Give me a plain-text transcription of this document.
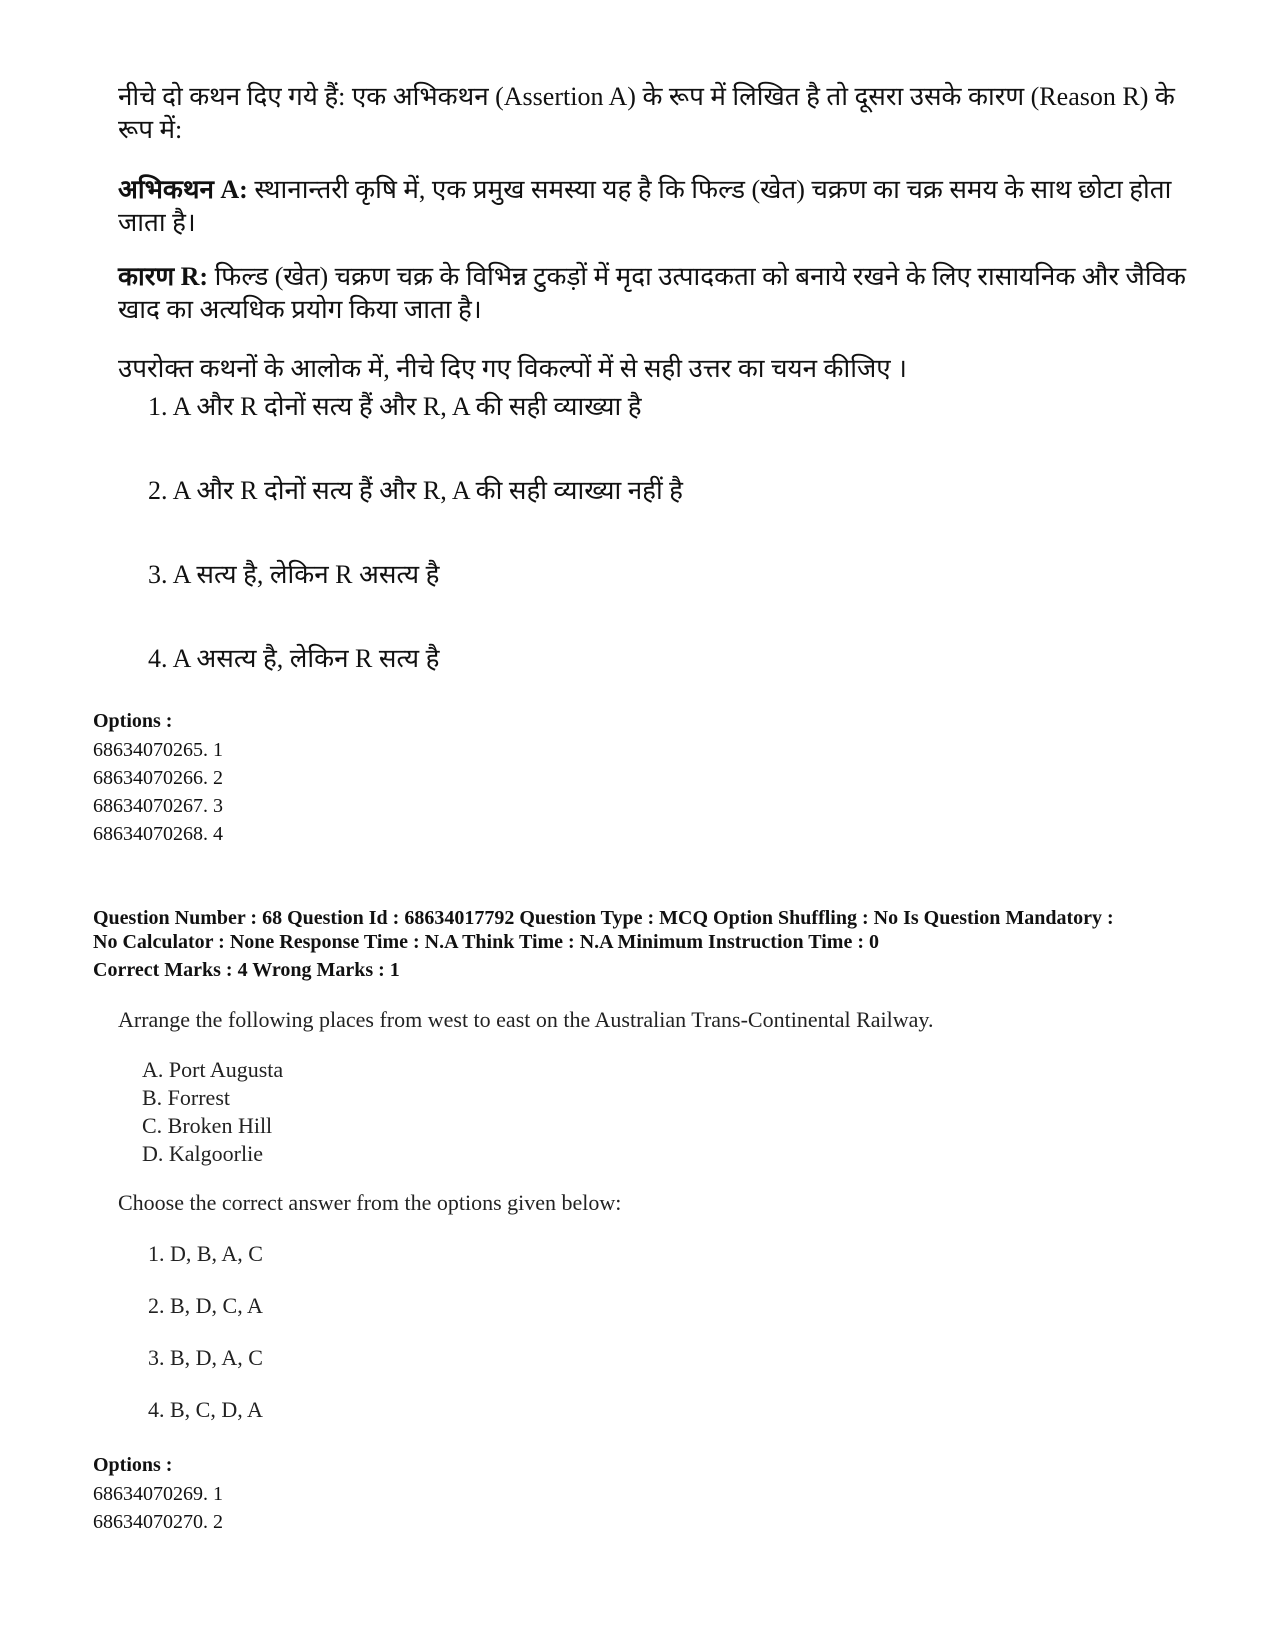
नीचे दो कथन दिए गये हैं: एक अभिकथन (Assertion A) के रूप में लिखित है तो दूसरा उसके कारण (Reason R) के रूप में:

अभिकथन A: स्थानान्तरी कृषि में, एक प्रमुख समस्या यह है कि फिल्ड (खेत) चक्रण का चक्र समय के साथ छोटा होता जाता है।

कारण R: फिल्ड (खेत) चक्रण चक्र के विभिन्न टुकड़ों में मृदा उत्पादकता को बनाये रखने के लिए रासायनिक और जैविक खाद का अत्यधिक प्रयोग किया जाता है।

उपरोक्त कथनों के आलोक में, नीचे दिए गए विकल्पों में से सही उत्तर का चयन कीजिए ।

1. A और R दोनों सत्य हैं और R, A की सही व्याख्या है
2. A और R दोनों सत्य हैं और R, A की सही व्याख्या नहीं है
3. A सत्य है, लेकिन R असत्य है
4. A असत्य है, लेकिन R सत्य है
Options :
68634070265. 1
68634070266. 2
68634070267. 3
68634070268. 4
Question Number : 68 Question Id : 68634017792 Question Type : MCQ Option Shuffling : No Is Question Mandatory :
No Calculator : None Response Time : N.A Think Time : N.A Minimum Instruction Time : 0
Correct Marks : 4 Wrong Marks : 1
Arrange the following places from west to east on the Australian Trans-Continental Railway.
A. Port Augusta
B. Forrest
C. Broken Hill
D. Kalgoorlie
Choose the correct answer from the options given below:
1. D, B, A, C
2. B, D, C, A
3. B, D, A, C
4. B, C, D, A
Options :
68634070269. 1
68634070270. 2
